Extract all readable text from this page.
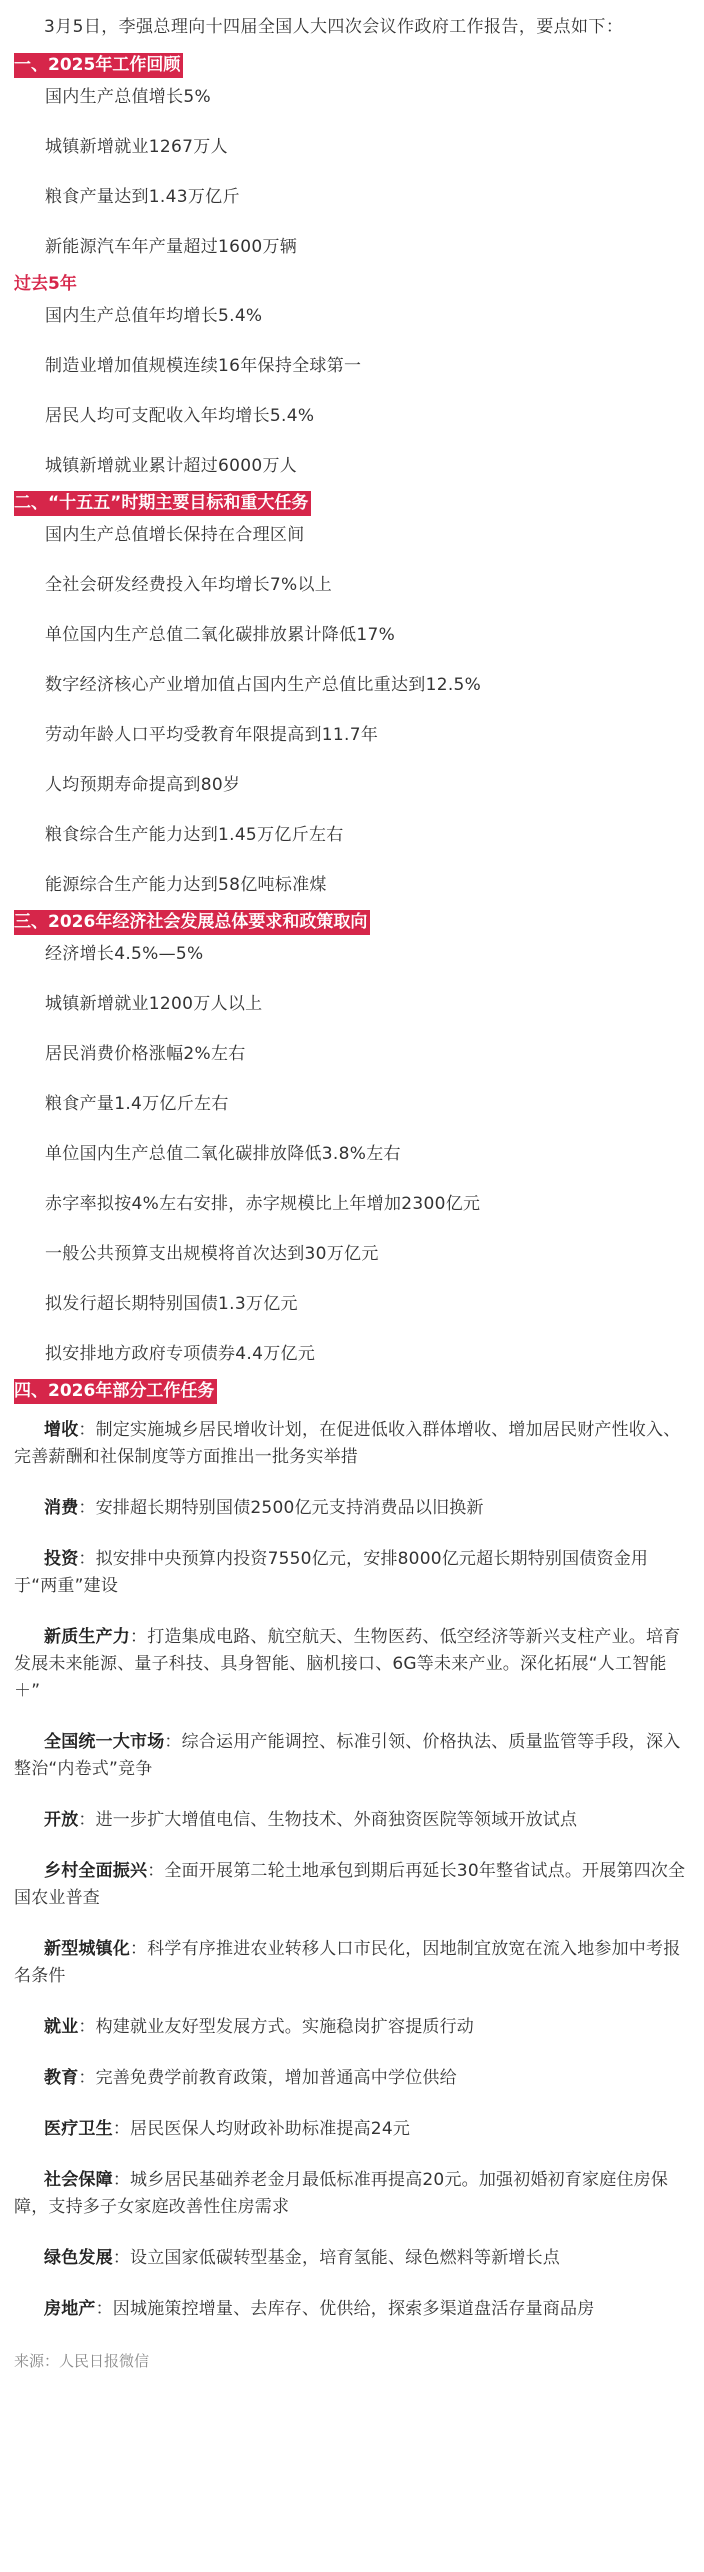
3月5日，李强总理向十四届全国人大四次会议作政府工作报告，要点如下：

一、2025年工作回顾
国内生产总值增长5%
城镇新增就业1267万人
粮食产量达到1.43万亿斤
新能源汽车年产量超过1600万辆
过去5年
国内生产总值年均增长5.4%
制造业增加值规模连续16年保持全球第一
居民人均可支配收入年均增长5.4%
城镇新增就业累计超过6000万人
二、“十五五”时期主要目标和重大任务
国内生产总值增长保持在合理区间
全社会研发经费投入年均增长7%以上
单位国内生产总值二氧化碳排放累计降低17%
数字经济核心产业增加值占国内生产总值比重达到12.5%
劳动年龄人口平均受教育年限提高到11.7年
人均预期寿命提高到80岁
粮食综合生产能力达到1.45万亿斤左右
能源综合生产能力达到58亿吨标准煤
三、2026年经济社会发展总体要求和政策取向
经济增长4.5%—5%
城镇新增就业1200万人以上
居民消费价格涨幅2%左右
粮食产量1.4万亿斤左右
单位国内生产总值二氧化碳排放降低3.8%左右
赤字率拟按4%左右安排，赤字规模比上年增加2300亿元
一般公共预算支出规模将首次达到30万亿元
拟发行超长期特别国债1.3万亿元
拟安排地方政府专项债券4.4万亿元
四、2026年部分工作任务
增收：制定实施城乡居民增收计划，在促进低收入群体增收、增加居民财产性收入、完善薪酬和社保制度等方面推出一批务实举措
消费：安排超长期特别国债2500亿元支持消费品以旧换新
投资：拟安排中央预算内投资7550亿元，安排8000亿元超长期特别国债资金用于“两重”建设
新质生产力：打造集成电路、航空航天、生物医药、低空经济等新兴支柱产业。培育发展未来能源、量子科技、具身智能、脑机接口、6G等未来产业。深化拓展“人工智能＋”
全国统一大市场：综合运用产能调控、标准引领、价格执法、质量监管等手段，深入整治“内卷式”竞争
开放：进一步扩大增值电信、生物技术、外商独资医院等领域开放试点
乡村全面振兴：全面开展第二轮土地承包到期后再延长30年整省试点。开展第四次全国农业普查
新型城镇化：科学有序推进农业转移人口市民化，因地制宜放宽在流入地参加中考报名条件
就业：构建就业友好型发展方式。实施稳岗扩容提质行动
教育：完善免费学前教育政策，增加普通高中学位供给
医疗卫生：居民医保人均财政补助标准提高24元
社会保障：城乡居民基础养老金月最低标准再提高20元。加强初婚初育家庭住房保障，支持多子女家庭改善性住房需求
绿色发展：设立国家低碳转型基金，培育氢能、绿色燃料等新增长点
房地产：因城施策控增量、去库存、优供给，探索多渠道盘活存量商品房
来源：人民日报微信
